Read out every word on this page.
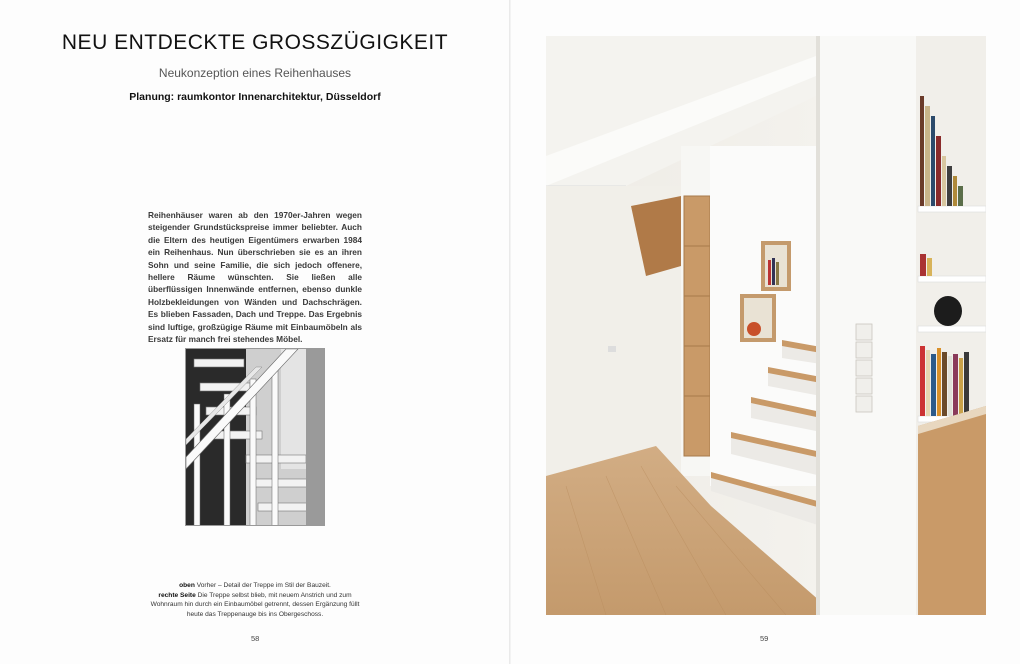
NEU ENTDECKTE GROSSZÜGIGKEIT
Neukonzeption eines Reihenhauses
Planung: raumkontor Innenarchitektur, Düsseldorf

Reihenhäuser waren ab den 1970er-Jahren wegen steigender Grundstückspreise immer beliebter. Auch die Eltern des heutigen Eigentümers erwarben 1984 ein Reihenhaus. Nun überschrieben sie es an ihren Sohn und seine Familie, die sich jedoch offenere, hellere Räume wünschten. Sie ließen alle überflüssigen Innenwände entfernen, ebenso dunkle Holzbekleidungen von Wänden und Dachschrägen. Es blieben Fassaden, Dach und Treppe. Das Ergebnis sind luftige, großzügige Räume mit Einbaumöbeln als Ersatz für manch frei stehendes Möbel.

oben Vorher – Detail der Treppe im Stil der Bauzeit.
rechte Seite Die Treppe selbst blieb, mit neuem Anstrich und zum Wohnraum hin durch ein Einbaumöbel getrennt, dessen Ergänzung füllt heute das Treppenauge bis ins Obergeschoss.
58	59
